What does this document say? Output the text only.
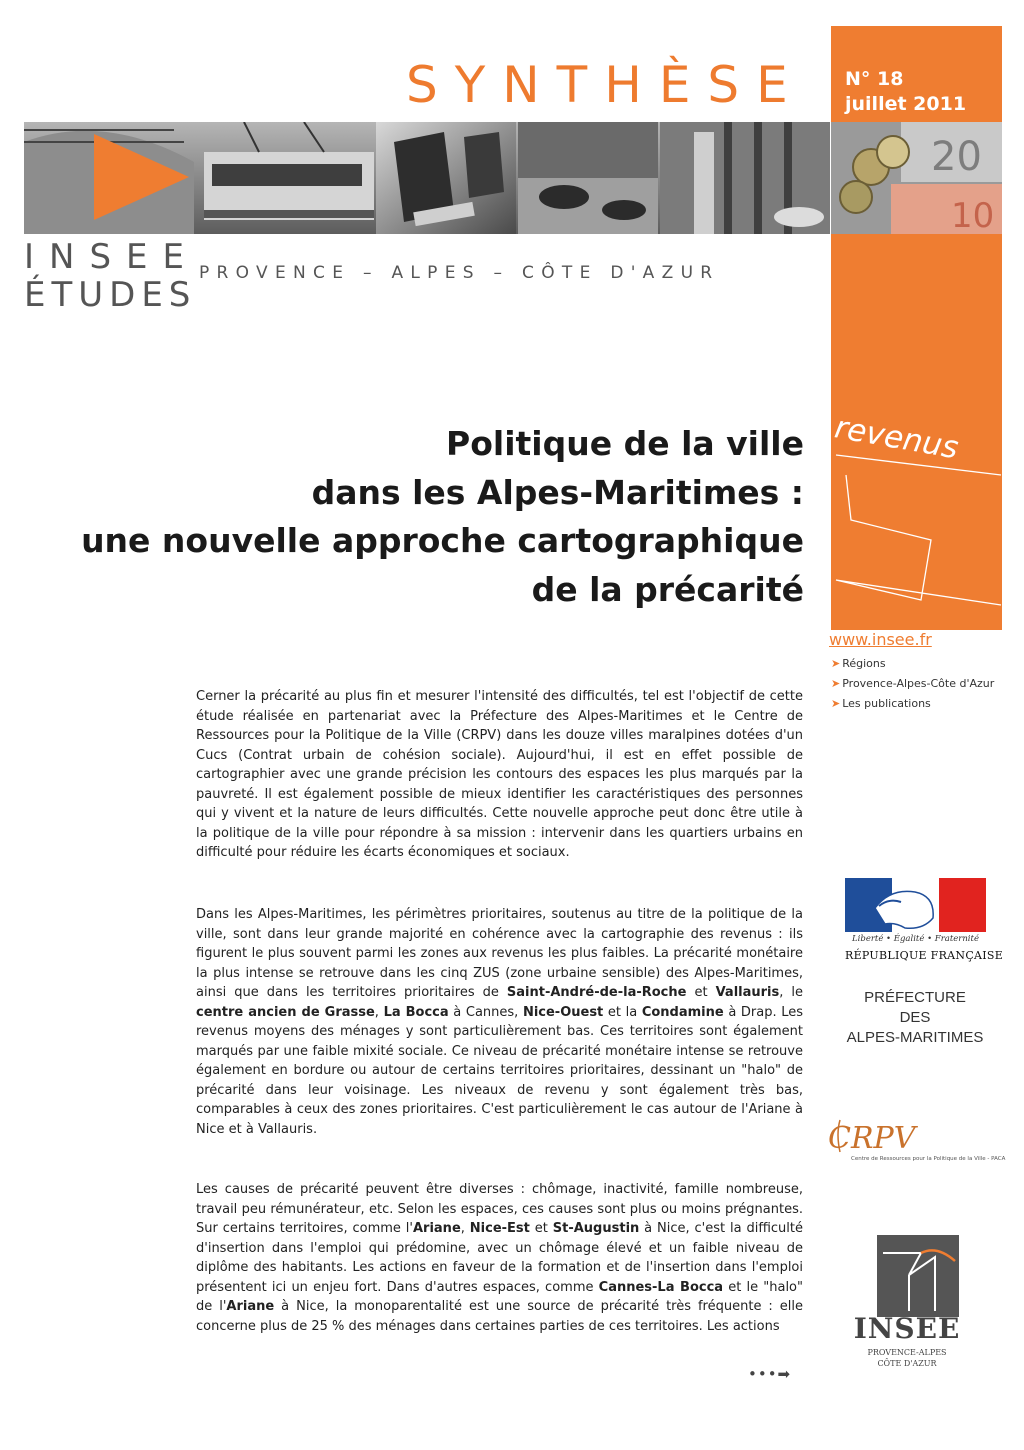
SYNTHÈSE N° 18
juillet 2011
20
10
INSEE
ÉTUDES
PROVENCE – ALPES – CÔTE D'AZUR
revenus
Politique de la ville
dans les Alpes-Maritimes :
une nouvelle approche cartographique
de la précarité
www.insee.fr
➤ Régions
➤ Provence-Alpes-Côte d'Azur
➤ Les publications
Cerner la précarité au plus fin et mesurer l'intensité des difficultés, tel est l'objectif de cette étude réalisée en partenariat avec la Préfecture des Alpes-Maritimes et le Centre de Ressources pour la Politique de la Ville (CRPV) dans les douze villes maralpines dotées d'un Cucs (Contrat urbain de cohésion sociale). Aujourd'hui, il est en effet possible de cartographier avec une grande précision les contours des espaces les plus marqués par la pauvreté. Il est également possible de mieux identifier les caractéristiques des personnes qui y vivent et la nature de leurs difficultés. Cette nouvelle approche peut donc être utile à la politique de la ville pour répondre à sa mission : intervenir dans les quartiers urbains en difficulté pour réduire les écarts économiques et sociaux.
Dans les Alpes-Maritimes, les périmètres prioritaires, soutenus au titre de la politique de la ville, sont dans leur grande majorité en cohérence avec la cartographie des revenus : ils figurent le plus souvent parmi les zones aux revenus les plus faibles. La précarité monétaire la plus intense se retrouve dans les cinq ZUS (zone urbaine sensible) des Alpes-Maritimes, ainsi que dans les territoires prioritaires de Saint-André-de-la-Roche et Vallauris, le centre ancien de Grasse, La Bocca à Cannes, Nice-Ouest et la Condamine à Drap. Les revenus moyens des ménages y sont particulièrement bas. Ces territoires sont également marqués par une faible mixité sociale. Ce niveau de précarité monétaire intense se retrouve également en bordure ou autour de certains territoires prioritaires, dessinant un "halo" de précarité dans leur voisinage. Les niveaux de revenu y sont également très bas, comparables à ceux des zones prioritaires. C'est particulièrement le cas autour de l'Ariane à Nice et à Vallauris.
Les causes de précarité peuvent être diverses : chômage, inactivité, famille nombreuse, travail peu rémunérateur, etc. Selon les espaces, ces causes sont plus ou moins prégnantes. Sur certains territoires, comme l'Ariane, Nice-Est et St-Augustin à Nice, c'est la difficulté d'insertion dans l'emploi qui prédomine, avec un chômage élevé et un faible niveau de diplôme des habitants. Les actions en faveur de la formation et de l'insertion dans l'emploi présentent ici un enjeu fort. Dans d'autres espaces, comme Cannes-La Bocca et le "halo" de l'Ariane à Nice, la monoparentalité est une source de précarité très fréquente : elle concerne plus de 25 % des ménages dans certaines parties de ces territoires. Les actions
•••➡
Liberté • Égalité • Fraternité
RÉPUBLIQUE FRANÇAISE
PRÉFECTURE
DES
ALPES-MARITIMES
CRPV
Centre de Ressources pour la Politique de la Ville - PACA
INSEE
PROVENCE-ALPES
CÔTE D'AZUR
